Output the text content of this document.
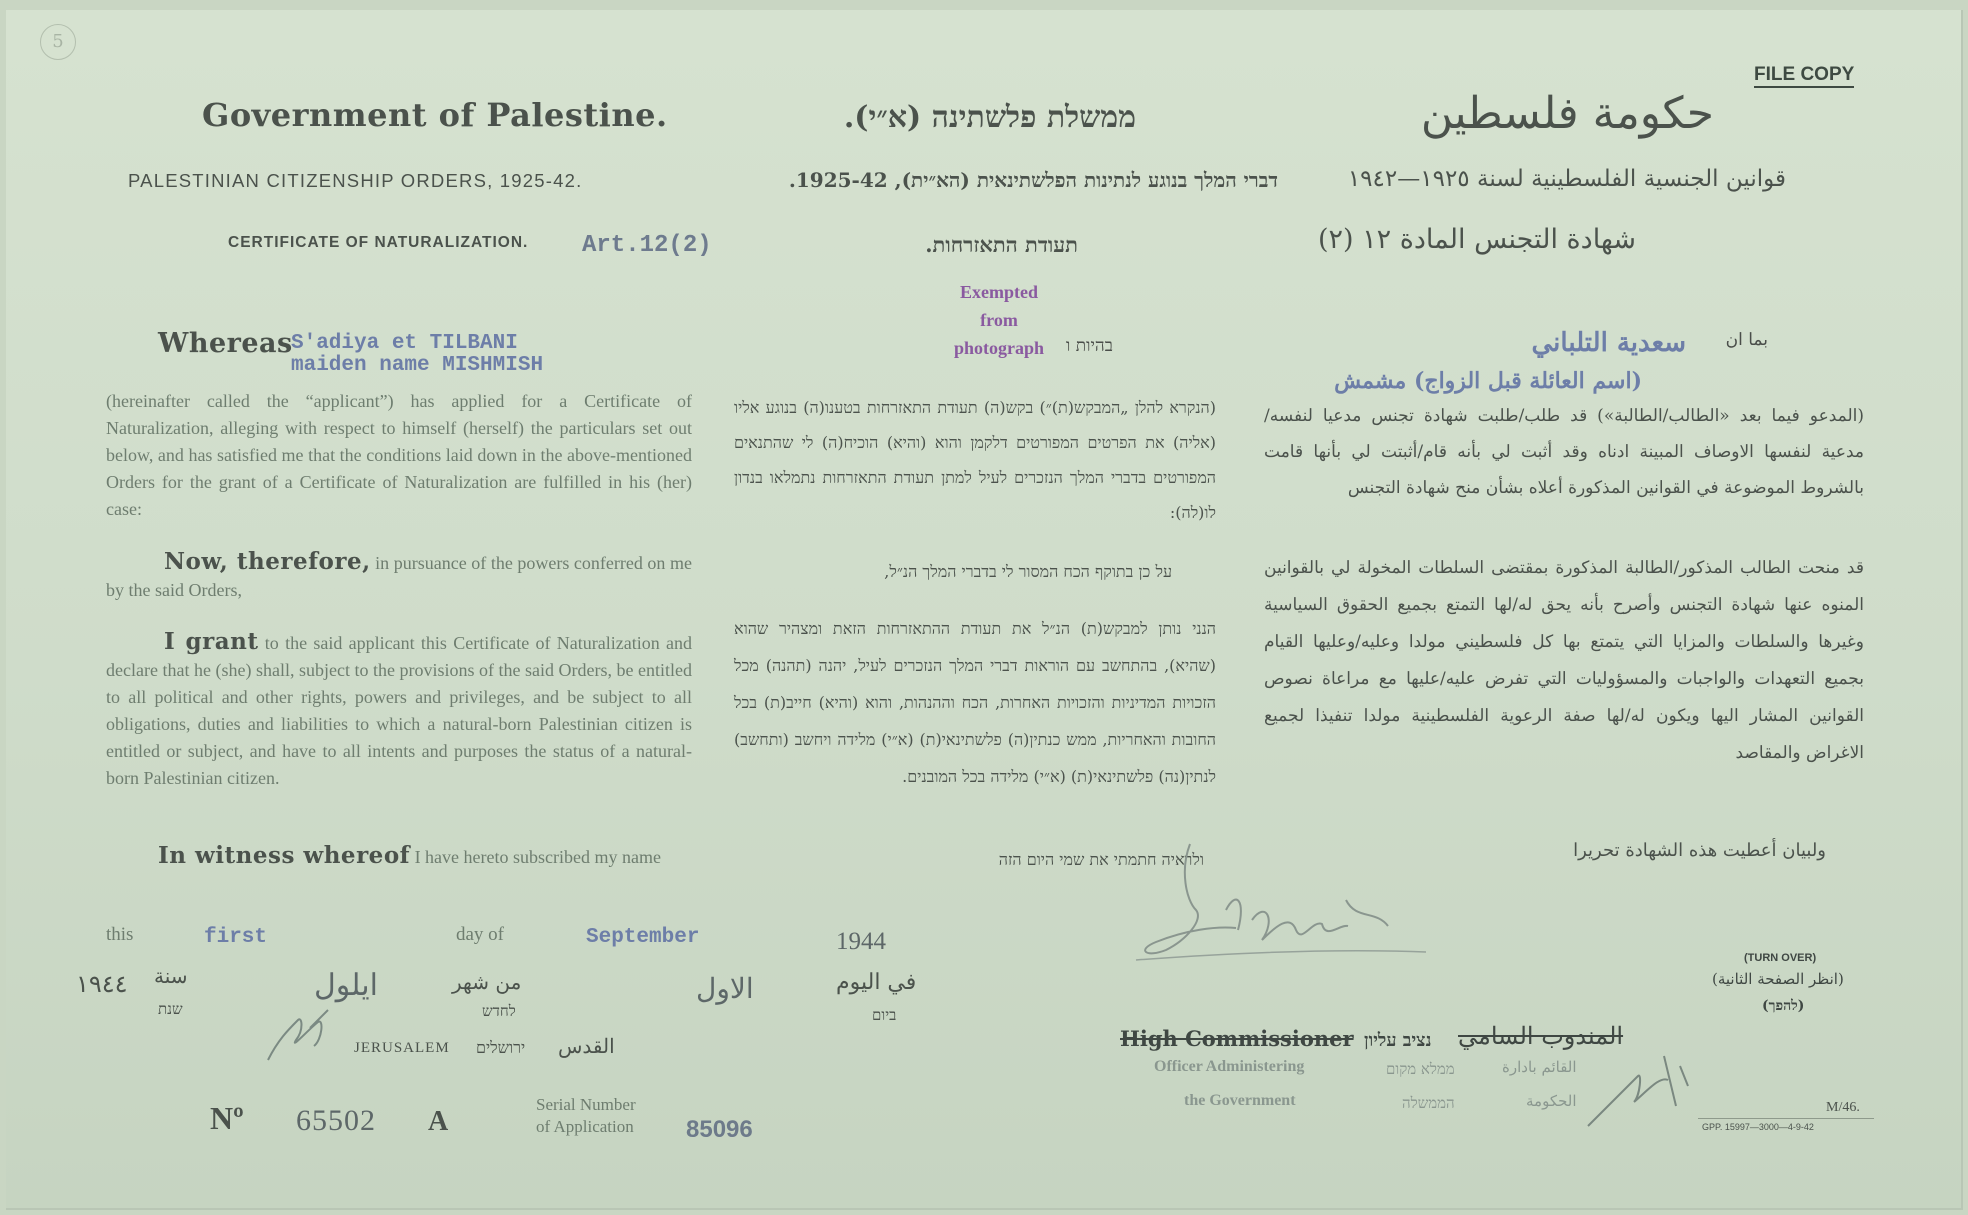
5
FILE COPY
Government of Palestine.	ממשלת פלשתינה (א״י).	حكومة فلسطين
PALESTINIAN CITIZENSHIP ORDERS, 1925-42.	דברי המלך בנוגע לנתינות הפלשתינאית (הא״ית), 1925-42.	قوانين الجنسية الفلسطينية لسنة ١٩٢٥—١٩٤٢
CERTIFICATE OF NATURALIZATION. Art.12(2)	תעודת התאזרחות.	شهادة التجنس المادة ١٢ (٢)
Exempted
from
photograph
Whereas
S'adiya et TILBANI
maiden name MISHMISH
בהיות ו	سعدية التلباني	بما ان
(اسم العائلة قبل الزواج) مشمش
(hereinafter called the “applicant”) has applied for a Certificate of Naturalization, alleging with respect to himself (herself) the particulars set out below, and has satisfied me that the conditions laid down in the above-mentioned Orders for the grant of a Certificate of Naturalization are fulfilled in his (her) case:
Now, therefore, in pursuance of the powers conferred on me by the said Orders,
I grant to the said applicant this Certificate of Naturalization and declare that he (she) shall, subject to the provisions of the said Orders, be entitled to all political and other rights, powers and privileges, and be subject to all obligations, duties and liabilities to which a natural-born Palestinian citizen is entitled or subject, and have to all intents and purposes the status of a natural-born Palestinian citizen.
In witness whereof I have hereto subscribed my name
(הנקרא להלן „המבקש(ת)״) בקש(ה) תעודת התאזרחות בטענו(ה) בנוגע אליו (אליה) את הפרטים המפורטים דלקמן והוא (והיא) הוכיח(ה) לי שהתנאים המפורטים בדברי המלך הנזכרים לעיל למתן תעודת התאזרחות נתמלאו בנדון לו(לה):
על כן בתוקף הכח המסור לי בדברי המלך הנ״ל,
הנני נותן למבקש(ת) הנ״ל את תעודת ההתאזרחות הזאת ומצהיר שהוא (שהיא), בהתחשב עם הוראות דברי המלך הנזכרים לעיל, יהנה (תהנה) מכל הזכויות המדיניות והזכויות האחרות, הכח וההנהות, והוא (והיא) חייב(ת) בכל החובות והאחריות, ממש כנתין(ה) פלשתינאי(ת) (א״י) מלידה ויחשב (ותחשב) לנתין(נה) פלשתינאי(ת) (א״י) מלידה בכל המובנים.
ולראיה חתמתי את שמי היום הזה
(المدعو فيما بعد «الطالب/الطالبة») قد طلب/طلبت شهادة تجنس مدعيا لنفسه/مدعية لنفسها الاوصاف المبينة ادناه وقد أثبت لي بأنه قام/أثبتت لي بأنها قامت بالشروط الموضوعة في القوانين المذكورة أعلاه بشأن منح شهادة التجنس
قد منحت الطالب المذكور/الطالبة المذكورة بمقتضى السلطات المخولة لي بالقوانين المنوه عنها شهادة التجنس وأصرح بأنه يحق له/لها التمتع بجميع الحقوق السياسية وغيرها والسلطات والمزايا التي يتمتع بها كل فلسطيني مولدا وعليه/وعليها القيام بجميع التعهدات والواجبات والمسؤوليات التي تفرض عليه/عليها مع مراعاة نصوص القوانين المشار اليها ويكون له/لها صفة الرعوية الفلسطينية مولدا تنفيذا لجميع الاغراض والمقاصد
ولبيان أعطيت هذه الشهادة تحريرا
this	first	day of	September	1944
١٩٤٤ سنة
שנת
ايلول	من شهر
לחדש
الاول	في اليوم
ביום
JERUSALEM ירושלים القدس
Nº 65502 A
Serial Number
of Application 85096
High Commissioner נציב עליון المندوب السامي
Officer Administering
the Government
ממלא מקום
הממשלה
القائم بادارة
الحكومة
(TURN OVER)
(انظر الصفحة الثانية)
(להפך)
M/46.
GPP. 15997—3000—4-9-42
